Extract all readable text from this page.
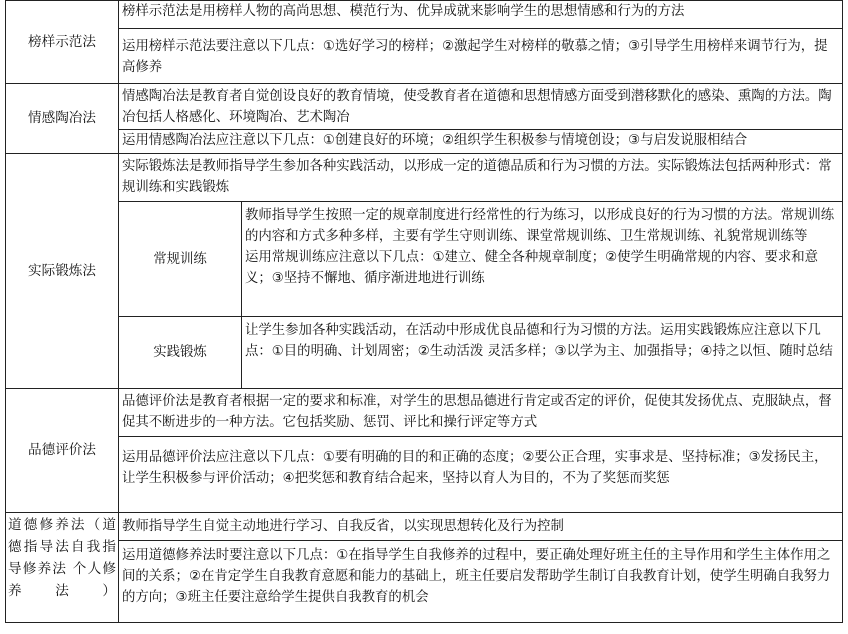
榜样示范法	榜样示范法是用榜样人物的高尚思想、模范行为、优异成就来影响学生的思想情感和行为的方法	

	运用榜样示范法要注意以下几点：①选好学习的榜样；②激起学生对榜样的敬慕之情；③引导学生用榜样来调节行为，提高修养	

情感陶冶法	情感陶冶法是教育者自觉创设良好的教育情境，使受教育者在道德和思想情感方面受到潜移默化的感染、熏陶的方法。陶冶包括人格感化、环境陶冶、艺术陶冶	

	运用情感陶冶法应注意以下几点：①创建良好的环境；②组织学生积极参与情境创设；③与启发说服相结合	

实际锻炼法	实际锻炼法是教师指导学生参加各种实践活动，以形成一定的道德品质和行为习惯的方法。实际锻炼法包括两种形式：常规训练和实践锻炼	

	常规训练	教师指导学生按照一定的规章制度进行经常性的行为练习，以形成良好的行为习惯的方法。常规训练的内容和方式多种多样，主要有学生守则训练、课堂常规训练、卫生常规训练、礼貌常规训练等
运用常规训练应注意以下几点：①建立、健全各种规章制度；②使学生明确常规的内容、要求和意义；③坚持不懈地、循序渐进地进行训练

	实践锻炼	让学生参加各种实践活动，在活动中形成优良品德和行为习惯的方法。运用实践锻炼应注意以下几点：①目的明确、计划周密；②生动活泼 灵活多样；③以学为主、加强指导；④持之以恒、随时总结

品德评价法	品德评价法是教育者根据一定的要求和标准，对学生的思想品德进行肯定或否定的评价，促使其发扬优点、克服缺点，督促其不断进步的一种方法。它包括奖励、惩罚、评比和操行评定等方式	

	运用品德评价法应注意以下几点：①要有明确的目的和正确的态度；②要公正合理，实事求是、坚持标准；③发扬民主，让学生积极参与评价活动；④把奖惩和教育结合起来，坚持以育人为目的，不为了奖惩而奖惩	

道德修养法（道德指导法自我指导修养法 个人修养法）	教师指导学生自觉主动地进行学习、自我反省，以实现思想转化及行为控制	

	运用道德修养法时要注意以下几点：①在指导学生自我修养的过程中，要正确处理好班主任的主导作用和学生主体作用之间的关系；②在肯定学生自我教育意愿和能力的基础上，班主任要启发帮助学生制订自我教育计划，使学生明确自我努力的方向；③班主任要注意给学生提供自我教育的机会	
